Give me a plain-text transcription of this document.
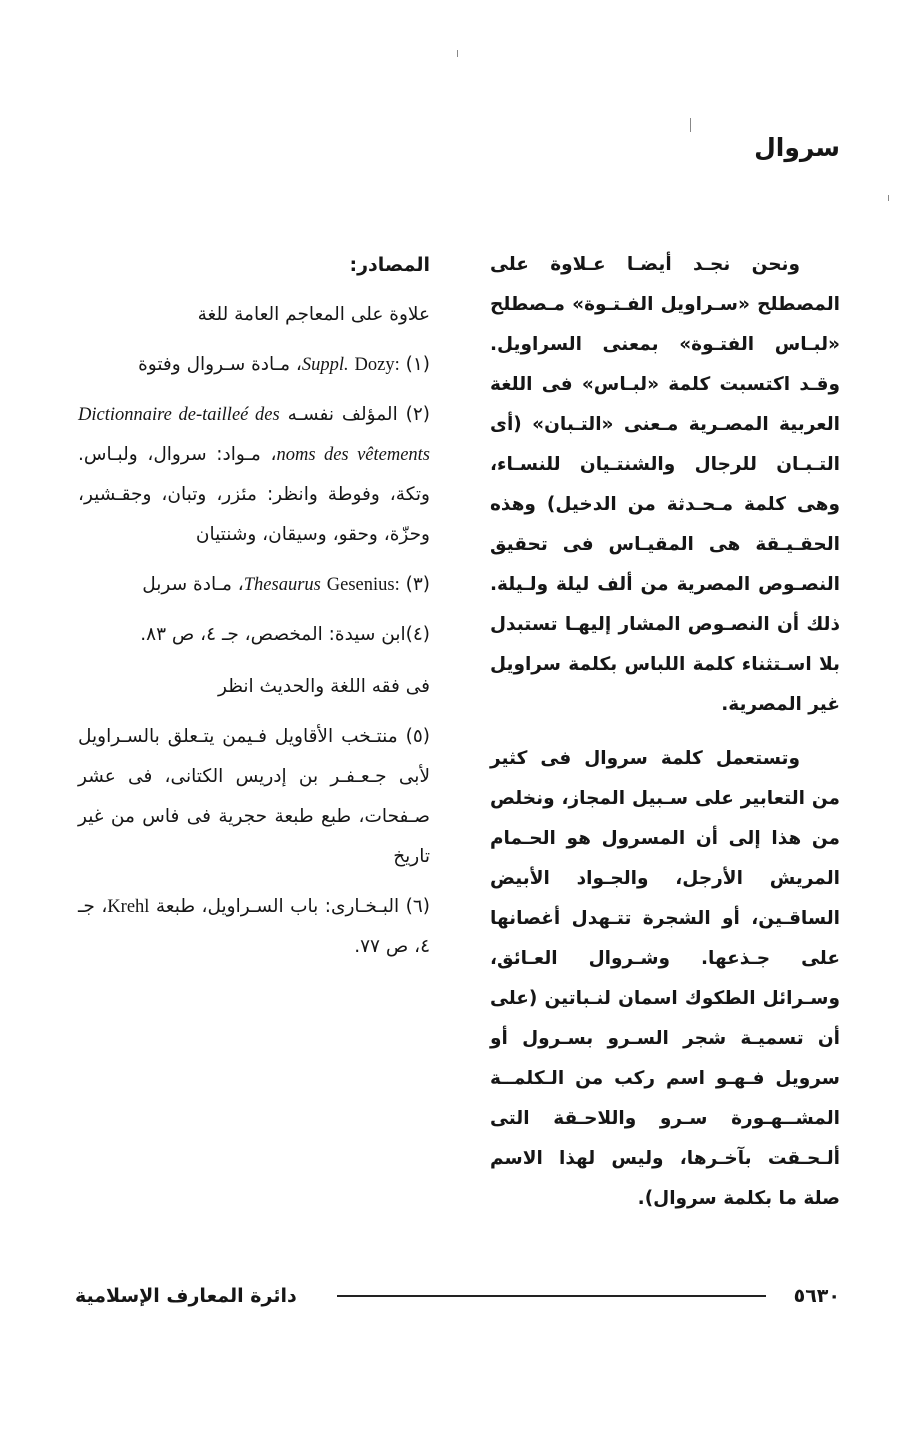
سروال

ونحن نجـد أيضـا عـلاوة على المصطلح «سـراويل الفـتـوة» مـصطلح «لبـاس الفتـوة» بمعنى السراويل. وقـد اكتسبت كلمة «لبـاس» فى اللغة العربية المصـرية مـعنى «التـبان» (أى التـبـان للرجال والشنتـيان للنسـاء، وهى كلمة مـحـدثة من الدخيل) وهذه الحقـيـقة هى المقيـاس فى تحقيق النصـوص المصرية من ألف ليلة ولـيلة. ذلك أن النصـوص المشار إليهـا تستبدل بلا اسـتثناء كلمة اللباس بكلمة سراويل غير المصرية.

وتستعمل كلمة سروال فى كثير من التعابير على سـبيل المجاز، ونخلص من هذا إلى أن المسرول هو الحـمام المريش الأرجل، والجـواد الأبيض الساقـين، أو الشجرة تتـهدل أغصانها على جـذعها. وشـروال العـائق، وسـرائل الطكوك اسمان لنـباتين (على أن تسميـة شجر السـرو بسـرول أو سرويل فـهـو اسم ركب من الـكلمــة المشــهـورة سـرو واللاحـقة التى ألـحـقت بآخـرها، وليس لهذا الاسم صلة ما بكلمة سروال).

المصادر:

علاوة على المعاجم العامة للغة

(١) Dozy: Suppl.، مـادة سـروال وفتوة

(٢) المؤلف نفسـه Dictionnaire de-tailleé des noms des vêtements، مـواد: سروال، ولبـاس. وتكة، وفوطة وانظر: مئزر، وتبان، وجقـشير، وحزّة، وحقو، وسيقان، وشنتيان

(٣) Gesenius: Thesaurus، مـادة سربل

(٤)ابن سيدة: المخصص، جـ ٤، ص ٨٣.

فى فقه اللغة والحديث انظر

(٥) منتـخب الأقاويل فـيمن يتـعلق بالسـراويل لأبى جـعـفـر بن إدريس الكتانى، فى عشر صـفحات، طبع طبعة حجرية فى فاس من غير تاريخ

(٦) البـخـارى: باب السـراويل، طبعة Krehl، جـ ٤، ص ٧٧.

٥٦٣٠
دائرة المعارف الإسلامية
